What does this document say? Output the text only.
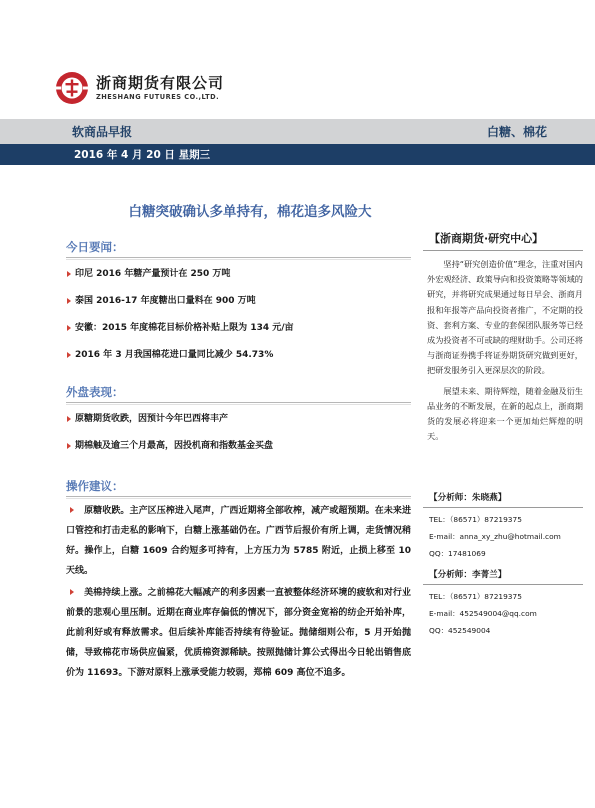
浙商期货有限公司
ZHESHANG FUTURES CO.,LTD.
软商品早报	白糖、棉花
2016 年 4 月 20 日 星期三
白糖突破确认多单持有，棉花追多风险大
今日要闻：
印尼 2016 年糖产量预计在 250 万吨
泰国 2016-17 年度糖出口量料在 900 万吨
安徽：2015 年度棉花目标价格补贴上限为 134 元/亩
2016 年 3 月我国棉花进口量同比减少 54.73%
外盘表现：
原糖期货收跌，因预计今年巴西将丰产
期棉触及逾三个月最高，因投机商和指数基金买盘
操作建议：
原糖收跌。主产区压榨进入尾声，广西近期将全部收榨，减产或超预期。在未来进口管控和打击走私的影响下，白糖上涨基础仍在。广西节后报价有所上调，走货情况稍好。操作上，白糖 1609 合约短多可持有，上方压力为 5785 附近，止损上移至 10 天线。
美棉持续上涨。之前棉花大幅减产的利多因素一直被整体经济环境的疲软和对行业前景的悲观心里压制。近期在商业库存偏低的情况下，部分资金宽裕的纺企开始补库，此前利好或有释放需求。但后续补库能否持续有待验证。抛储细则公布，5 月开始抛储，导致棉花市场供应偏紧，优质棉资源稀缺。按照抛储计算公式得出今日轮出销售底价为 11693。下游对原料上涨承受能力较弱，郑棉 609 高位不追多。
【浙商期货·研究中心】
坚持“研究创造价值”理念，注重对国内外宏观经济、政策导向和投资策略等领域的研究，并将研究成果通过每日早会、浙商月报和年报等产品向投资者推广，不定期的投资、套利方案、专业的套保团队服务等已经成为投资者不可或缺的理财助手。公司还将与浙商证券携手将证券期货研究做到更好，把研发服务引入更深层次的阶段。
展望未来、期待辉煌，随着金融及衍生品业务的不断发展，在新的起点上，浙商期货的发展必将迎来一个更加灿烂辉煌的明天。
【分析师：朱晓燕】
TEL：（86571）87219375
E-mail：anna_xy_zhu@hotmail.com
QQ：17481069
【分析师：李菁兰】
TEL：（86571）87219375
E-mail：452549004@qq.com
QQ：452549004
